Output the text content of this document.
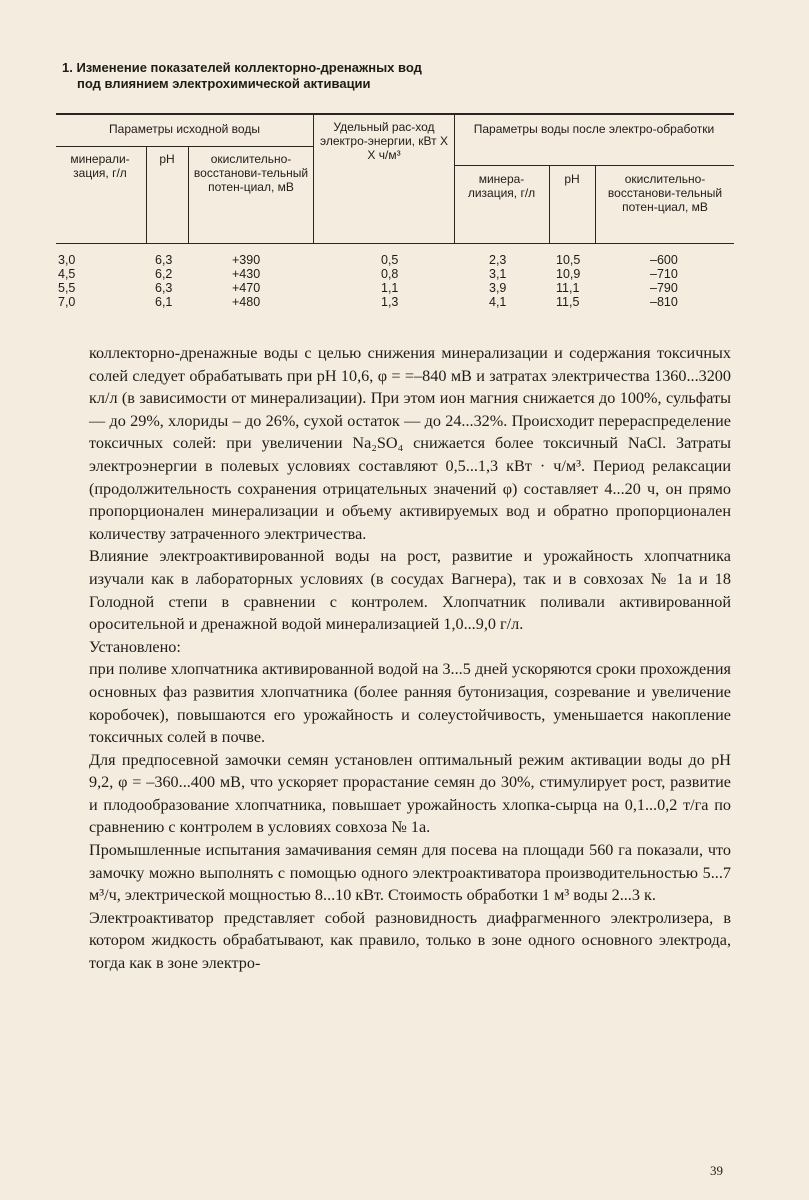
1. Изменение показателей коллекторно-дренажных вод
под влиянием электрохимической активации
Параметры исходной воды	Удельный рас-ход электро-энергии, кВт X X ч/м³
Параметры воды после электро-обработки
минерали-зация, г/л
pH	окислительно-восстанови-тельный потен-циал, мВ
минера-лизация, г/л
pH	окислительно-восстанови-тельный потен-циал, мВ
3,0	6,3	+390	0,5	2,3	10,5	–600
4,5	6,2	+430	0,8	3,1	10,9	–710
5,5	6,3	+470	1,1	3,9	11,1	–790
7,0	6,1	+480	1,3	4,1	11,5	–810

коллекторно-дренажные воды с целью снижения минерализации и содержания токсичных солей следует обрабатывать при pH 10,6, φ = =–840 мВ и затратах электричества 1360...3200 кл/л (в зависимости от минерализации). При этом ион магния снижается до 100%, сульфаты — до 29%, хлориды – до 26%, сухой остаток — до 24...32%. Происходит перераспределение токсичных солей: при увеличении Na₂SO₄ снижается более токсичный NaCl. Затраты электроэнергии в полевых условиях составляют 0,5...1,3 кВт · ч/м³. Период релаксации (продолжительность сохранения отрицательных значений φ) составляет 4...20 ч, он прямо пропорционален минерализации и объему активируемых вод и обратно пропорционален количеству затраченного электричества.

Влияние электроактивированной воды на рост, развитие и урожайность хлопчатника изучали как в лабораторных условиях (в сосудах Вагнера), так и в совхозах № 1а и 18 Голодной степи в сравнении с контролем. Хлопчатник поливали активированной оросительной и дренажной водой минерализацией 1,0...9,0 г/л.

Установлено:

при поливе хлопчатника активированной водой на 3...5 дней ускоряются сроки прохождения основных фаз развития хлопчатника (более ранняя бутонизация, созревание и увеличение коробочек), повышаются его урожайность и солеустойчивость, уменьшается накопление токсичных солей в почве.

Для предпосевной замочки семян установлен оптимальный режим активации воды до pH 9,2, φ = –360...400 мВ, что ускоряет прорастание семян до 30%, стимулирует рост, развитие и плодообразование хлопчатника, повышает урожайность хлопка-сырца на 0,1...0,2 т/га по сравнению с контролем в условиях совхоза № 1а.

Промышленные испытания замачивания семян для посева на площади 560 га показали, что замочку можно выполнять с помощью одного электроактиватора производительностью 5...7 м³/ч, электрической мощностью 8...10 кВт. Стоимость обработки 1 м³ воды 2...3 к.

Электроактиватор представляет собой разновидность диафрагменного электролизера, в котором жидкость обрабатывают, как правило, только в зоне одного основного электрода, тогда как в зоне электро-

39
